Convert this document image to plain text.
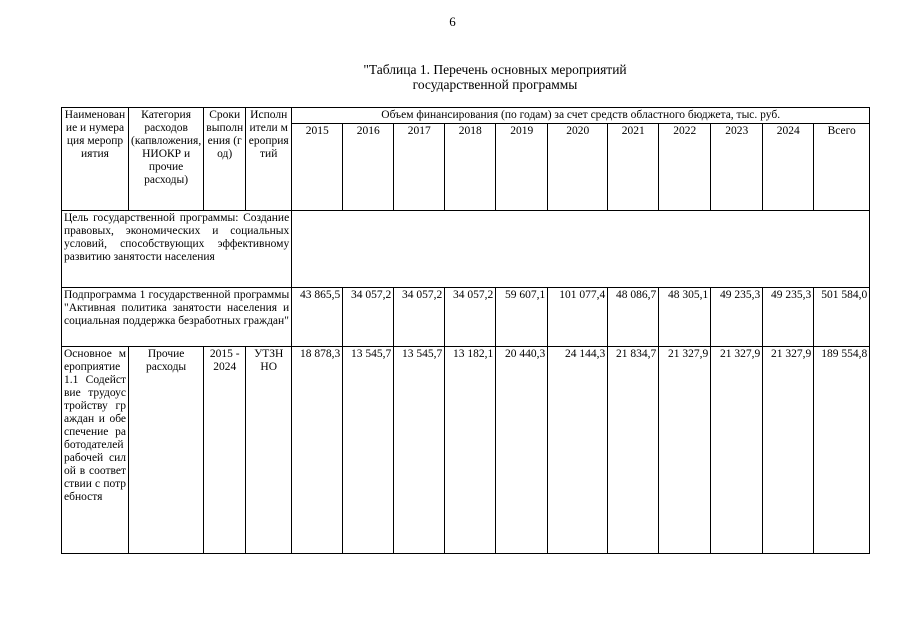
6
"Таблица 1. Перечень основных мероприятий
государственной программы
Наименование и нумерация мероприятия	Категория расходов (капвложения, НИОКР и прочие расходы)	Сроки выполнения (год)	Исполнители мероприятий	Объем финансирования (по годам) за счет средств областного бюджета, тыс. руб.										
				2015	2016	2017	2018	2019	2020	2021	2022	2023	2024	Всего
Цель государственной программы: Создание правовых, экономических и социальных условий, способствующих эффективному развитию занятости населения														
Подпрограмма 1 государственной программы "Активная политика занятости населения и социальная поддержка безработных граждан"				43 865,5	34 057,2	34 057,2	34 057,2	59 607,1	101 077,4	48 086,7	48 305,1	49 235,3	49 235,3	501 584,0
Основное мероприятие 1.1 Содействие трудоустройству граждан и обеспечение работодателей рабочей силой в соответствии с потребностя	Прочие расходы	2015 - 2024	УТЗН НО	18 878,3	13 545,7	13 545,7	13 182,1	20 440,3	24 144,3	21 834,7	21 327,9	21 327,9	21 327,9	189 554,8
